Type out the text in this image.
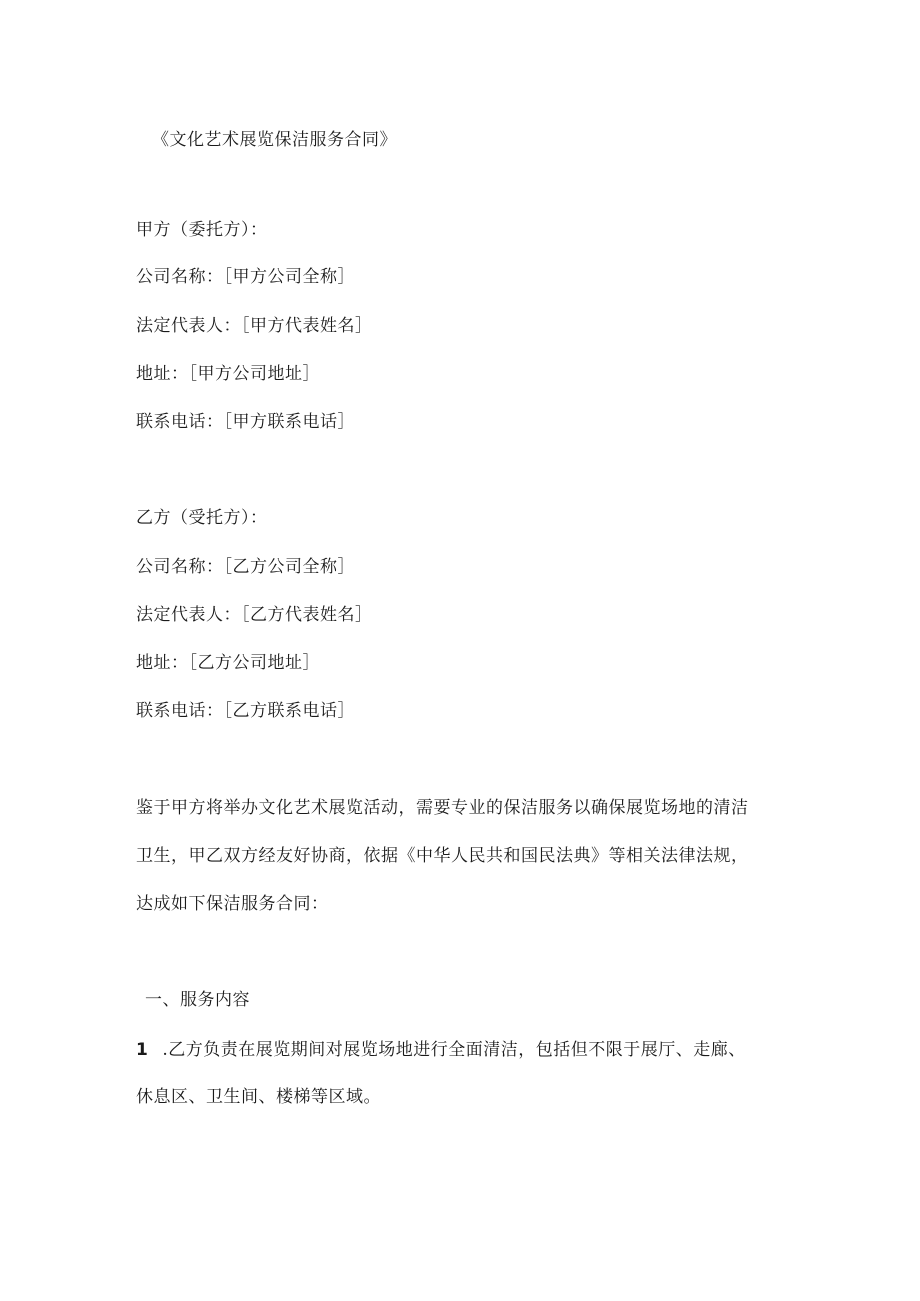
《文化艺术展览保洁服务合同》
甲方（委托方）：
公司名称：［甲方公司全称］
法定代表人：［甲方代表姓名］
地址：［甲方公司地址］
联系电话：［甲方联系电话］
乙方（受托方）：
公司名称：［乙方公司全称］
法定代表人：［乙方代表姓名］
地址：［乙方公司地址］
联系电话：［乙方联系电话］
鉴于甲方将举办文化艺术展览活动，需要专业的保洁服务以确保展览场地的清洁
卫生，甲乙双方经友好协商，依据《中华人民共和国民法典》等相关法律法规，
达成如下保洁服务合同：
一、服务内容
1 .乙方负责在展览期间对展览场地进行全面清洁，包括但不限于展厅、走廊、
休息区、卫生间、楼梯等区域。
